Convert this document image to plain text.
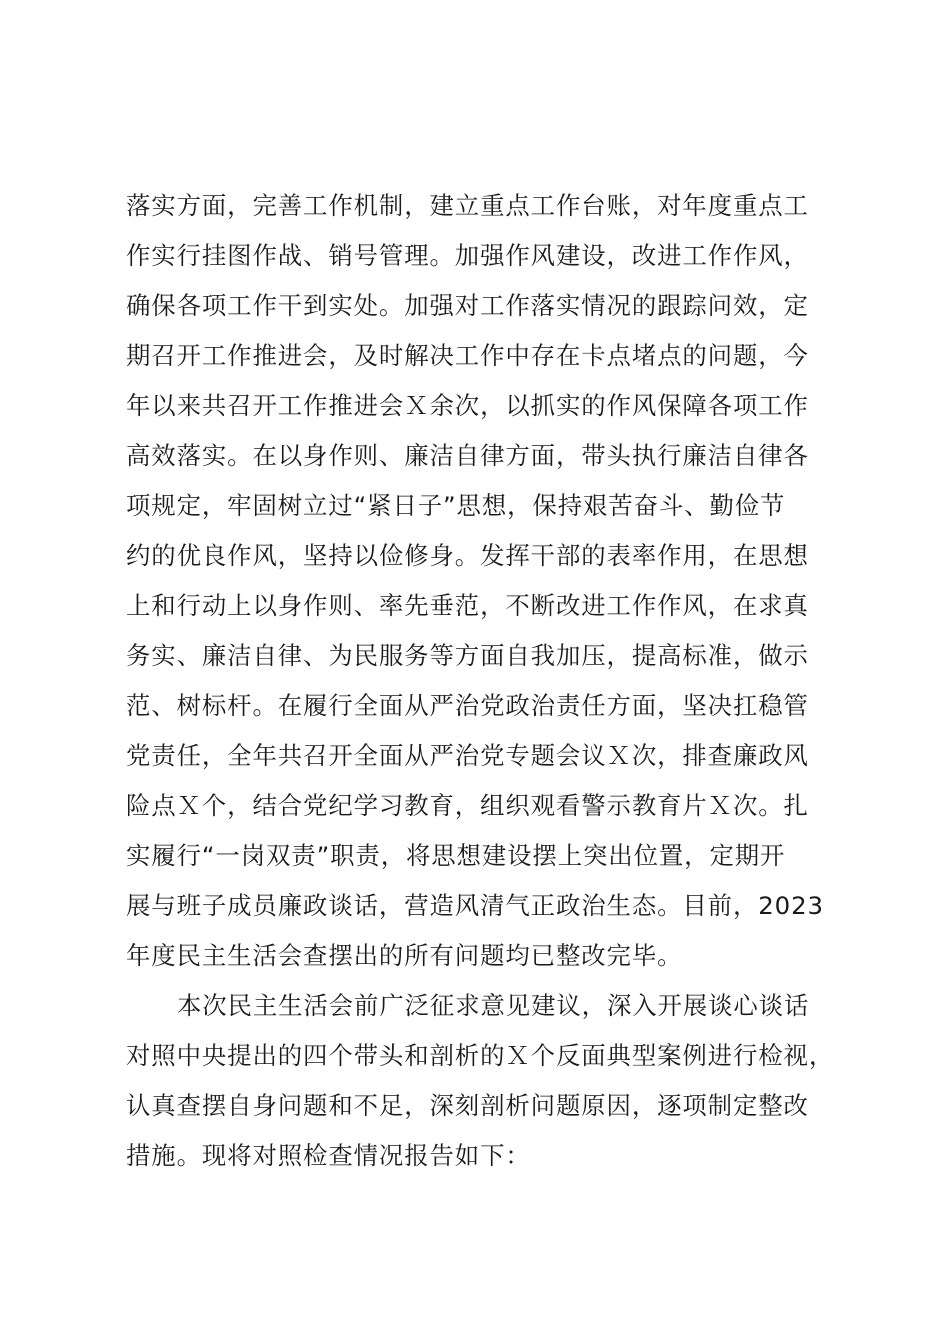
落实方面，完善工作机制，建立重点工作台账，对年度重点工
作实行挂图作战、销号管理。加强作风建设，改进工作作风，
确保各项工作干到实处。加强对工作落实情况的跟踪问效，定
期召开工作推进会，及时解决工作中存在卡点堵点的问题，今
年以来共召开工作推进会Ｘ余次，以抓实的作风保障各项工作
高效落实。在以身作则、廉洁自律方面，带头执行廉洁自律各
项规定，牢固树立过“紧日子”思想，保持艰苦奋斗、勤俭节
约的优良作风，坚持以俭修身。发挥干部的表率作用，在思想
上和行动上以身作则、率先垂范，不断改进工作作风，在求真
务实、廉洁自律、为民服务等方面自我加压，提高标准，做示
范、树标杆。在履行全面从严治党政治责任方面，坚决扛稳管
党责任，全年共召开全面从严治党专题会议Ｘ次，排查廉政风
险点Ｘ个，结合党纪学习教育，组织观看警示教育片Ｘ次。扎
实履行“一岗双责”职责，将思想建设摆上突出位置，定期开
展与班子成员廉政谈话，营造风清气正政治生态。目前，2023
年度民主生活会查摆出的所有问题均已整改完毕。
本次民主生活会前广泛征求意见建议，深入开展谈心谈话
对照中央提出的四个带头和剖析的Ｘ个反面典型案例进行检视，
认真查摆自身问题和不足，深刻剖析问题原因，逐项制定整改
措施。现将对照检查情况报告如下：
